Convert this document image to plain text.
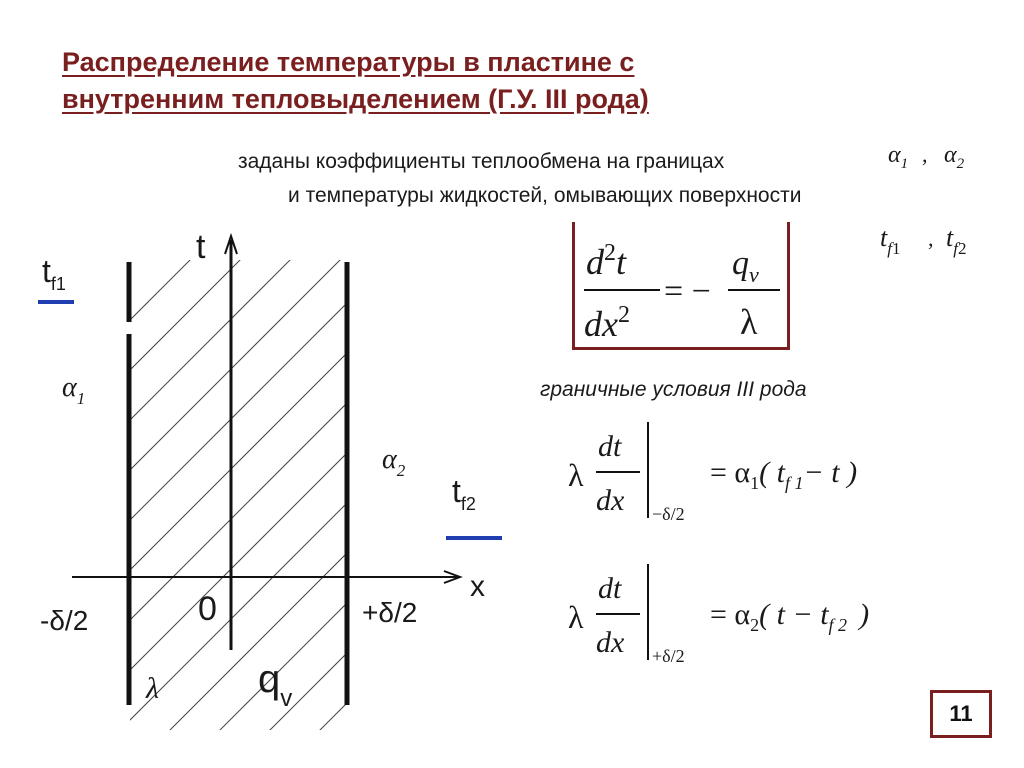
Распределение температуры в пластине с
внутренним тепловыделением (Г.У. III рода)
заданы коэффициенты теплообмена на границах
и температуры жидкостей, омывающих поверхности
$\alpha_1$ , $\alpha_2$
$t_f1$ , $t_f2$
t
x
0
-δ/2	+δ/2
$t_{f1}$
$t_{f2}$
$\alpha_1$
$\alpha_2$
λ $q_v$
$d^2t$
$dx^2$
= −
$q_v$
λ
граничные условия III рода
λ
dt
dx −δ/2
= $\alpha_1$( $t_{f 1}- t$ )
λ
dt
dx +δ/2
= $\alpha_2$( $t - t_{f 2}$ )
11
